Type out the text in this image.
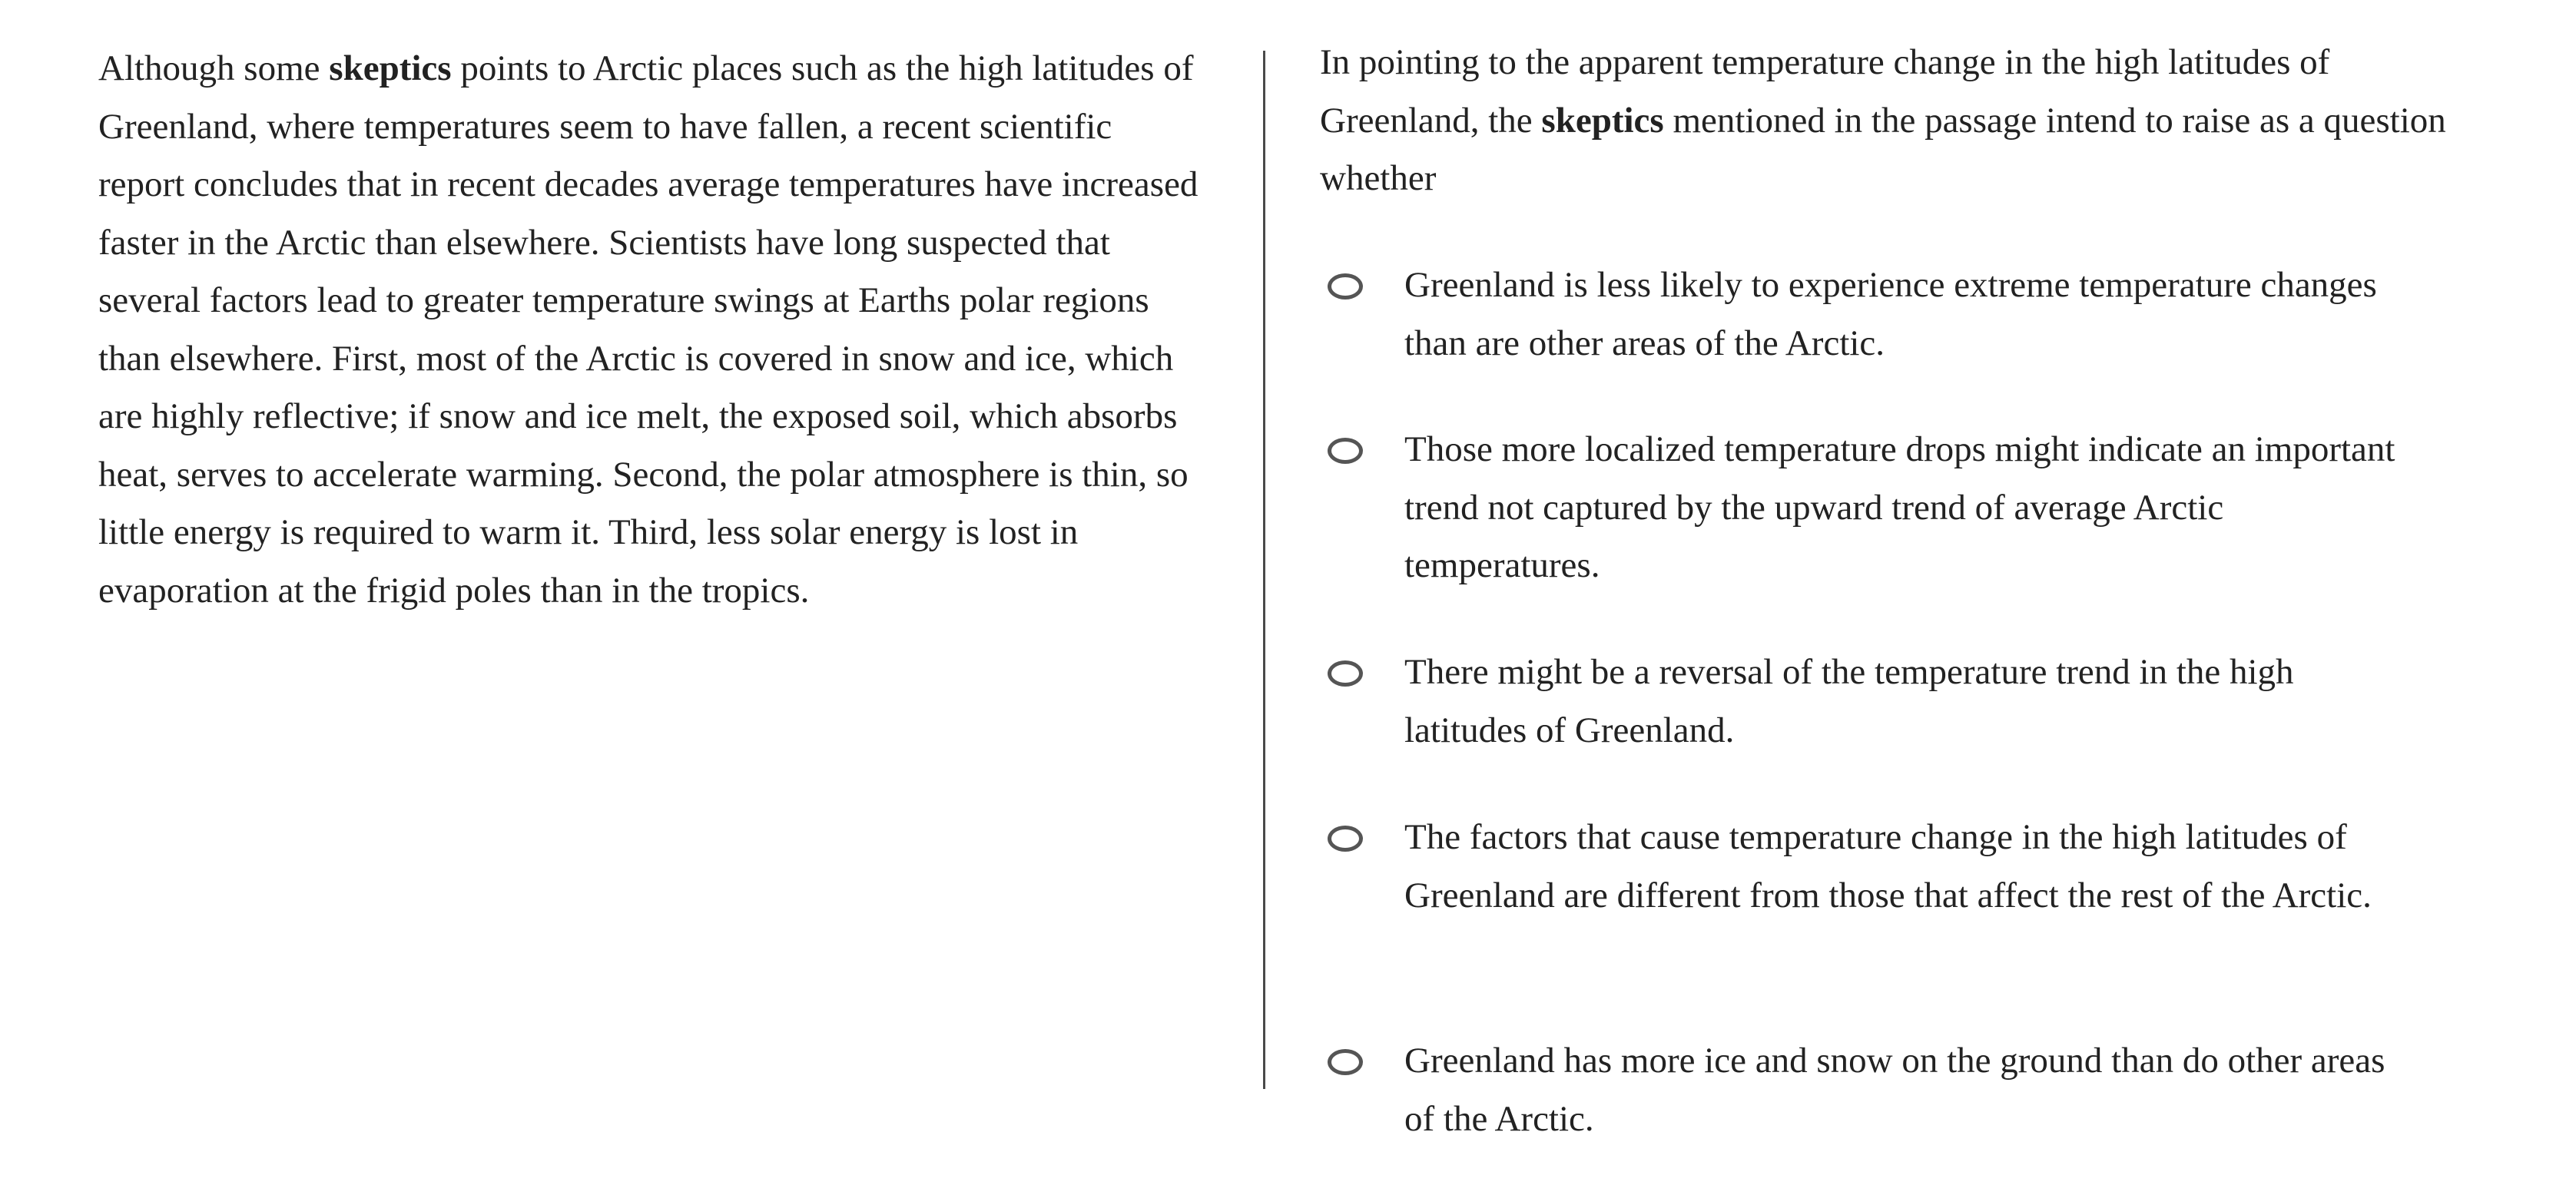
Although some skeptics points to Arctic places such as the high latitudes of Greenland, where temperatures seem to have fallen, a recent scientific report concludes that in recent decades average temperatures have increased faster in the Arctic than elsewhere. Scientists have long suspected that several factors lead to greater temperature swings at Earths polar regions than elsewhere. First, most of the Arctic is covered in snow and ice, which are highly reflective; if snow and ice melt, the exposed soil, which absorbs heat, serves to accelerate warming. Second, the polar atmosphere is thin, so little energy is required to warm it. Third, less solar energy is lost in evaporation at the frigid poles than in the tropics.

In pointing to the apparent temperature change in the high latitudes of Greenland, the skeptics mentioned in the passage intend to raise as a question whether

Greenland is less likely to experience extreme temperature changes than are other areas of the Arctic.
Those more localized temperature drops might indicate an important trend not captured by the upward trend of average Arctic temperatures.
There might be a reversal of the temperature trend in the high latitudes of Greenland.
The factors that cause temperature change in the high latitudes of Greenland are different from those that affect the rest of the Arctic.
Greenland has more ice and snow on the ground than do other areas of the Arctic.
